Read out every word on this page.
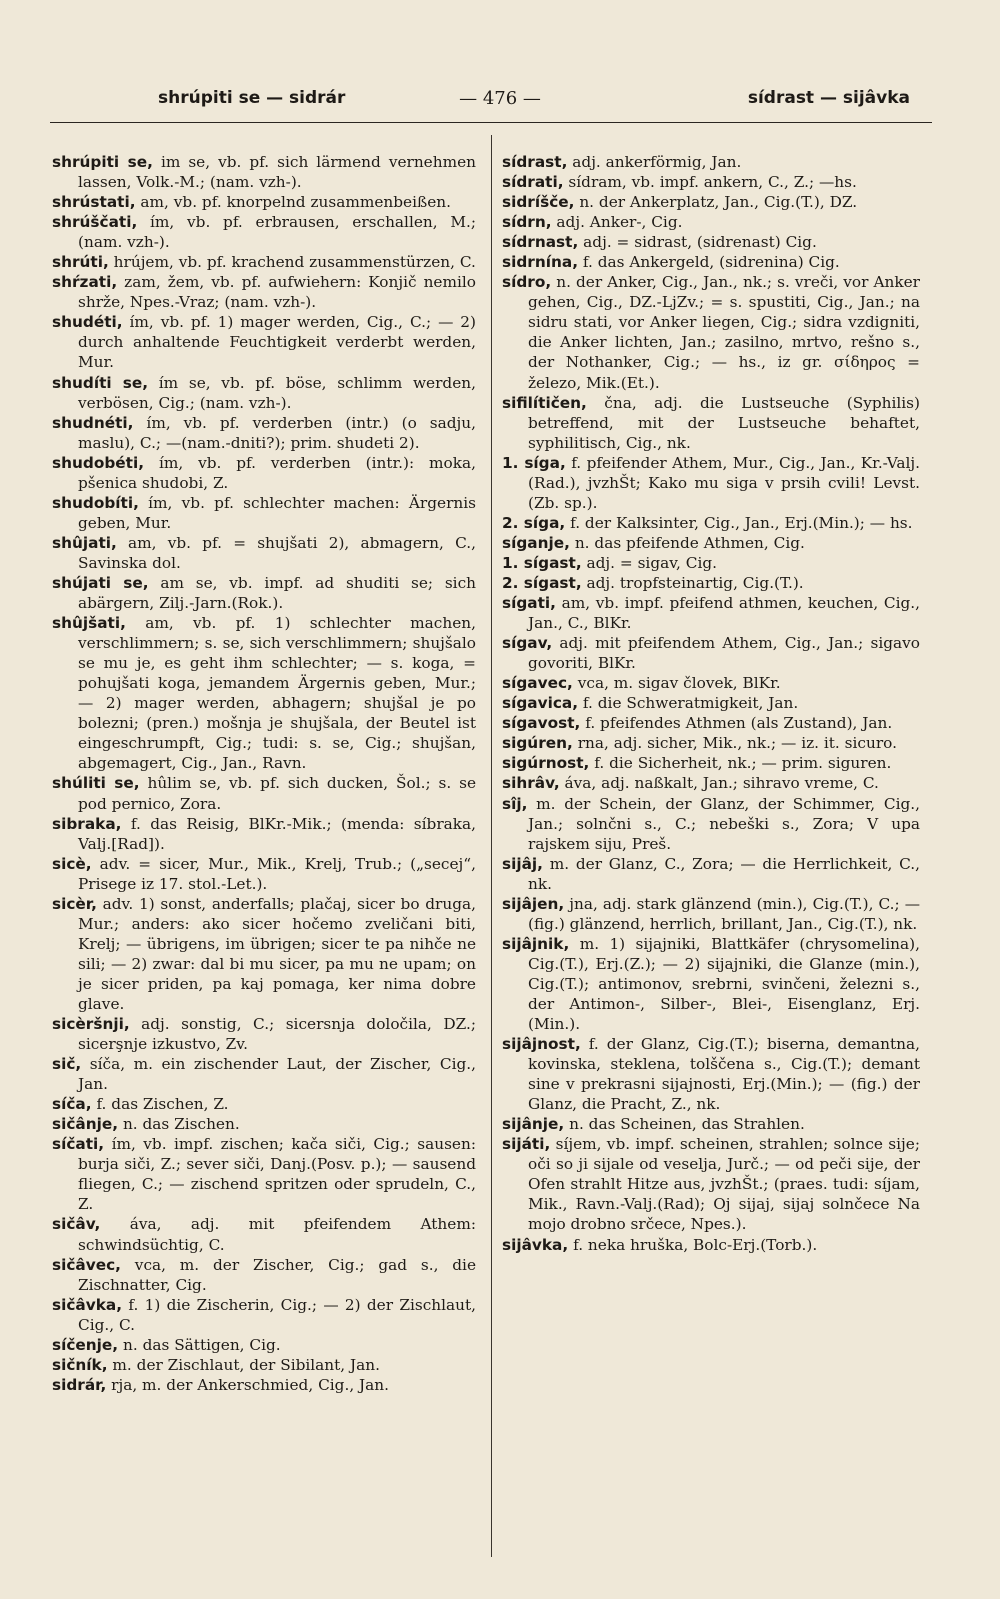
shrúpiti se — sidrár	— 476 —	sídrast — sijâvka

shrúpiti se, im se, vb. pf. sich lärmend vernehmen lassen, Volk.-M.; (nam. vzh-).

shrústati, am, vb. pf. knorpelnd zusammenbeißen.

shrúščati, ím, vb. pf. erbrausen, erschallen, M.; (nam. vzh-).

shrúti, hrújem, vb. pf. krachend zusammenstürzen, C.

shŕzati, zam, žem, vb. pf. aufwiehern: Konjič nemilo shrže, Npes.-Vraz; (nam. vzh-).

shudéti, ím, vb. pf. 1) mager werden, Cig., C.; — 2) durch anhaltende Feuchtigkeit verderbt werden, Mur.

shudíti se, ím se, vb. pf. böse, schlimm werden, verbösen, Cig.; (nam. vzh-).

shudnéti, ím, vb. pf. verderben (intr.) (o sadju, maslu), C.; —(nam.-dniti?); prim. shudeti 2).

shudobéti, ím, vb. pf. verderben (intr.): moka, pšenica shudobi, Z.

shudobíti, ím, vb. pf. schlechter machen: Ärgernis geben, Mur.

shûjati, am, vb. pf. = shujšati 2), abmagern, C., Savinska dol.

shújati se, am se, vb. impf. ad shuditi se; sich abärgern, Zilj.-Jarn.(Rok.).

shûjšati, am, vb. pf. 1) schlechter machen, verschlimmern; s. se, sich verschlimmern; shujšalo se mu je, es geht ihm schlechter; — s. koga, = pohujšati koga, jemandem Ärgernis geben, Mur.; — 2) mager werden, abhagern; shujšal je po bolezni; (pren.) mošnja je shujšala, der Beutel ist eingeschrumpft, Cig.; tudi: s. se, Cig.; shujšan, abgemagert, Cig., Jan., Ravn.

shúliti se, hûlim se, vb. pf. sich ducken, Šol.; s. se pod pernico, Zora.

sibraka, f. das Reisig, BlKr.-Mik.; (menda: síbraka, Valj.[Rad]).

sicè, adv. = sicer, Mur., Mik., Krelj, Trub.; („secej“, Prisege iz 17. stol.-Let.).

sicèr, adv. 1) sonst, anderfalls; plačaj, sicer bo druga, Mur.; anders: ako sicer hočemo zveličani biti, Krelj; — übrigens, im übrigen; sicer te pa nihče ne sili; — 2) zwar: dal bi mu sicer, pa mu ne upam; on je sicer priden, pa kaj pomaga, ker nima dobre glave.

sicèršnji, adj. sonstig, C.; sicersnja določila, DZ.; sicerşnje izkustvo, Zv.

sič, síča, m. ein zischender Laut, der Zischer, Cig., Jan.

síča, f. das Zischen, Z.

sičânje, n. das Zischen.

síčati, ím, vb. impf. zischen; kača siči, Cig.; sausen: burja siči, Z.; sever siči, Danj.(Posv. p.); — sausend fliegen, C.; — zischend spritzen oder sprudeln, C., Z.

sičâv, áva, adj. mit pfeifendem Athem: schwindsüchtig, C.

sičâvec, vca, m. der Zischer, Cig.; gad s., die Zischnatter, Cig.

sičâvka, f. 1) die Zischerin, Cig.; — 2) der Zischlaut, Cig., C.

síčenje, n. das Sättigen, Cig.

sičník, m. der Zischlaut, der Sibilant, Jan.

sidrár, rja, m. der Ankerschmied, Cig., Jan.

sídrast, adj. ankerförmig, Jan.

sídrati, sídram, vb. impf. ankern, C., Z.; —hs.

sidríšče, n. der Ankerplatz, Jan., Cig.(T.), DZ.

sídrn, adj. Anker-, Cig.

sídrnast, adj. = sidrast, (sidrenast) Cig.

sidrnína, f. das Ankergeld, (sidrenina) Cig.

sídro, n. der Anker, Cig., Jan., nk.; s. vreči, vor Anker gehen, Cig., DZ.-LjZv.; = s. spustiti, Cig., Jan.; na sidru stati, vor Anker liegen, Cig.; sidra vzdigniti, die Anker lichten, Jan.; zasilno, mrtvo, rešno s., der Nothanker, Cig.; — hs., iz gr. σίδηρος = železo, Mik.(Et.).

sifilítičen, čna, adj. die Lustseuche (Syphilis) betreffend, mit der Lustseuche behaftet, syphilitisch, Cig., nk.

1. síga, f. pfeifender Athem, Mur., Cig., Jan., Kr.-Valj.(Rad.), jvzhŠt; Kako mu siga v prsih cvili! Levst.(Zb. sp.).

2. síga, f. der Kalksinter, Cig., Jan., Erj.(Min.); — hs.

síganje, n. das pfeifende Athmen, Cig.

1. sígast, adj. = sigav, Cig.

2. sígast, adj. tropfsteinartig, Cig.(T.).

sígati, am, vb. impf. pfeifend athmen, keuchen, Cig., Jan., C., BlKr.

sígav, adj. mit pfeifendem Athem, Cig., Jan.; sigavo govoriti, BlKr.

sígavec, vca, m. sigav človek, BlKr.

sígavica, f. die Schweratmigkeit, Jan.

sígavost, f. pfeifendes Athmen (als Zustand), Jan.

sigúren, rna, adj. sicher, Mik., nk.; — iz. it. sicuro.

sigúrnost, f. die Sicherheit, nk.; — prim. siguren.

sihrâv, áva, adj. naßkalt, Jan.; sihravo vreme, C.

sîj, m. der Schein, der Glanz, der Schimmer, Cig., Jan.; solnčni s., C.; nebeški s., Zora; V upa rajskem siju, Preš.

sijâj, m. der Glanz, C., Zora; — die Herrlichkeit, C., nk.

sijâjen, jna, adj. stark glänzend (min.), Cig.(T.), C.; — (fig.) glänzend, herrlich, brillant, Jan., Cig.(T.), nk.

sijâjnik, m. 1) sijajniki, Blattkäfer (chrysomelina), Cig.(T.), Erj.(Z.); — 2) sijajniki, die Glanze (min.), Cig.(T.); antimonov, srebrni, svinčeni, železni s., der Antimon-, Silber-, Blei-, Eisenglanz, Erj.(Min.).

sijâjnost, f. der Glanz, Cig.(T.); biserna, demantna, kovinska, steklena, tolščena s., Cig.(T.); demant sine v prekrasni sijajnosti, Erj.(Min.); — (fig.) der Glanz, die Pracht, Z., nk.

sijânje, n. das Scheinen, das Strahlen.

sijáti, síjem, vb. impf. scheinen, strahlen; solnce sije; oči so ji sijale od veselja, Jurč.; — od peči sije, der Ofen strahlt Hitze aus, jvzhŠt.; (praes. tudi: síjam, Mik., Ravn.-Valj.(Rad); Oj sijaj, sijaj solnčece Na mojo drobno srčece, Npes.).

sijâvka, f. neka hruška, Bolc-Erj.(Torb.).
